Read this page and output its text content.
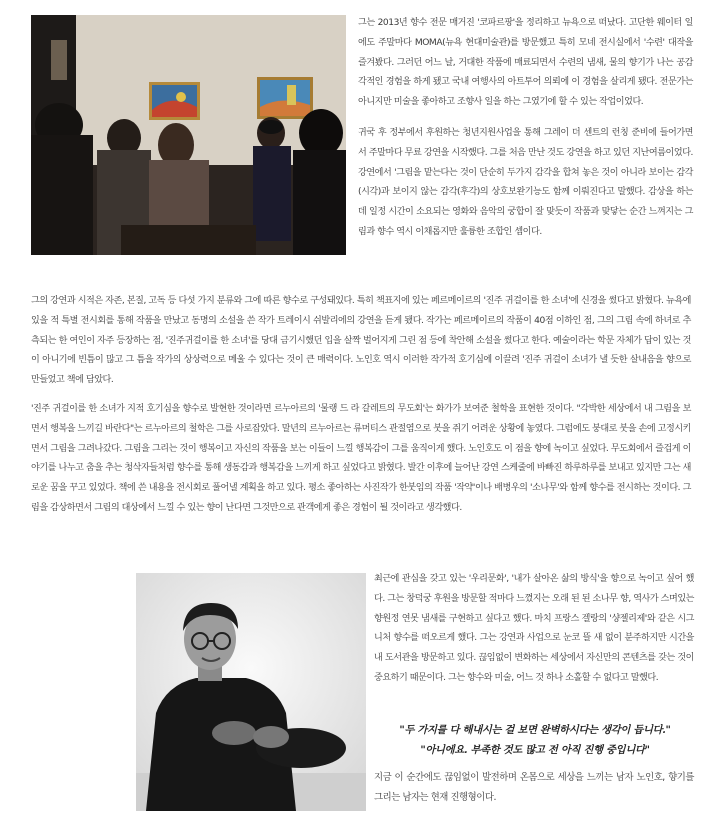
그는 2013년 향수 전문 매거진 '코파르팡'을 정리하고 뉴욕으로 떠났다. 고단한 웨이터 일에도 주말마다 MOMA(뉴욕 현대미술관)를 방문했고 특히 모네 전시실에서 '수련' 대작을 즐겨봤다. 그러던 어느 날, 거대한 작품에 매료되면서 수련의 냄새, 물의 향기가 나는 공감각적인 경험을 하게 됐고 국내 여행사의 아트투어 의뢰에 이 경험을 살리게 됐다. 전문가는 아니지만 미술을 좋아하고 조향사 일을 하는 그였기에 할 수 있는 작업이었다.

귀국 후 정부에서 후원하는 청년지원사업을 통해 그레이 더 센트의 런칭 준비에 들어가면서 주말마다 무료 강연을 시작했다. 그를 처음 만난 것도 강연을 하고 있던 지난여름이었다. 강연에서 '그림을 맡는다는 것이 단순히 두가지 감각을 합쳐 놓은 것이 아니라 보이는 감각(시각)과 보이지 않는 감각(후각)의 상호보완기능도 함께 이뤄진다고 말했다. 감상을 하는데 일정 시간이 소요되는 영화와 음악의 궁합이 잘 맞듯이 작품과 맞닿는 순간 느껴지는 그림과 향수 역시 이채롭지만 훌륭한 조합인 셈이다.

그의 강연과 시적은 자존, 본질, 고독 등 다섯 가지 분류와 그에 따른 향수로 구성돼있다. 특히 책표지에 있는 페르메이르의 '진주 귀걸이를 한 소녀'에 신경을 썼다고 밝혔다. 뉴욕에 있을 적 특별 전시회를 통해 작품을 만났고 동명의 소설을 쓴 작가 트레이시 쉬발리에의 강연을 듣게 됐다. 작가는 페르메이르의 작품이 40점 이하인 점, 그의 그림 속에 하녀로 추측되는 한 여인이 자주 등장하는 점, '진주귀걸이를 한 소녀'를 당대 금기시했던 입을 살짝 벌어지게 그린 점 등에 착안해 소설을 썼다고 한다. 예술이라는 학문 자체가 답이 있는 것이 아니기에 빈틈이 많고 그 틈을 작가의 상상력으로 메울 수 있다는 것이 큰 매력이다. 노인호 역시 이러한 작가적 호기심에 이끌려 '진주 귀걸이 소녀가 낼 듯한 살내음을 향으로 만들었고 책에 담았다.

'진주 귀걸이를 한 소녀가 지적 호기심을 향수로 발현한 것이라면 르누아르의 '물랭 드 라 갈레트의 무도회'는 화가가 보여준 철학을 표현한 것이다. "각박한 세상에서 내 그림을 보면서 행복을 느끼길 바란다"는 르누아르의 철학은 그를 사로잡았다. 말년의 르누아르는 류머티스 관절염으로 붓을 쥐기 어려운 상황에 놓였다. 그럼에도 붕대로 붓을 손에 고정시키면서 그림을 그려나갔다. 그림을 그리는 것이 행복이고 자신의 작품을 보는 이들이 느낄 행복감이 그를 움직이게 했다. 노인호도 이 점을 향에 녹이고 싶었다. 무도회에서 즐겁게 이야기를 나누고 춤을 추는 청삭자들처럼 향수를 통해 생동감과 행복감을 느끼게 하고 싶었다고 밝혔다. 발간 이후에 늘어난 강연 스케줄에 바빠진 하루하루를 보내고 있지만 그는 새로운 꿈을 꾸고 있었다. 책에 쓴 내용을 전시회로 풀어낼 계획을 하고 있다. 평소 좋아하는 사진작가 한붓임의 작품 '작약'이나 배병우의 '소나무'와 함께 향수를 전시하는 것이다. 그림을 감상하면서 그림의 대상에서 느낄 수 있는 향이 난다면 그것만으로 관객에게 좋은 경험이 될 것이라고 생각했다.

최근에 관심을 갖고 있는 '우리문화', '내가 살아온 삶의 방식'을 향으로 녹이고 싶어 했다. 그는 창덕궁 후원을 방문할 적마다 느꼈지는 오래 된 된 소나무 향, 역사가 스며있는 향원정 연못 냄새를 구현하고 싶다고 했다. 마치 프랑스 겔랑의 '샹젤리제'와 같은 시그니처 향수를 떠오르게 했다. 그는 강연과 사업으로 눈코 뜰 새 없이 분주하지만 시간을 내 도서관을 방문하고 있다. 끊임없이 변화하는 세상에서 자신만의 콘텐츠를 갖는 것이 중요하기 때문이다. 그는 향수와 미술, 어느 것 하나 소홀할 수 없다고 말했다.

"두 가지를 다 해내시는 걸 보면 완벽하시다는 생각이 듭니다."
"아니에요. 부족한 것도 많고 전 아직 진행 중입니다"

지금 이 순간에도 끊임없이 발전하며 온몸으로 세상을 느끼는 남자 노인호, 향기를 그리는 남자는 현재 진행형이다.
